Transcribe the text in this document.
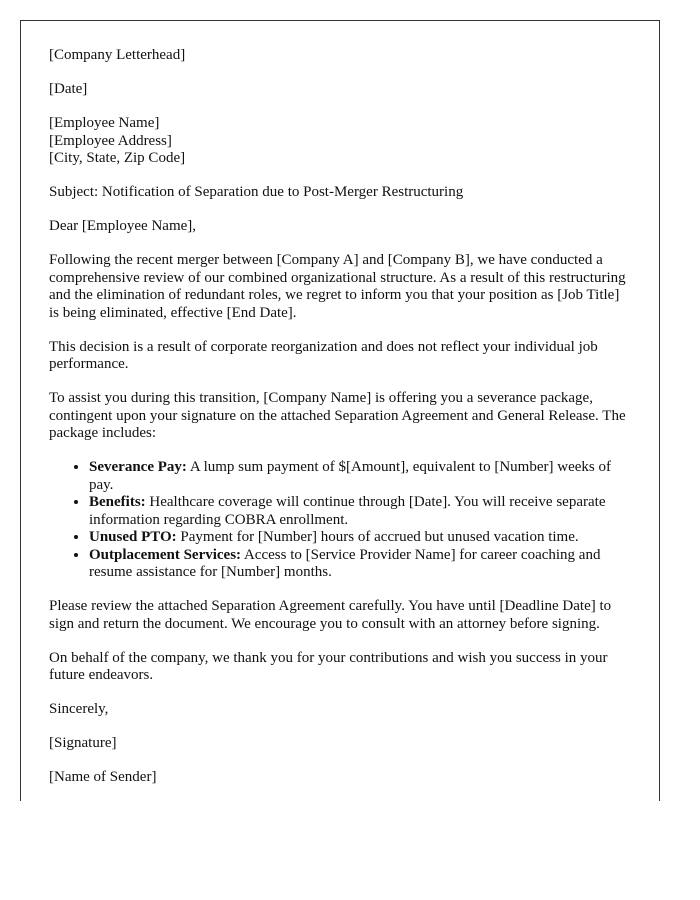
[Company Letterhead]

[Date]

[Employee Name]
[Employee Address]
[City, State, Zip Code]

Subject: Notification of Separation due to Post-Merger Restructuring

Dear [Employee Name],

Following the recent merger between [Company A] and [Company B], we have conducted a comprehensive review of our combined organizational structure. As a result of this restructuring and the elimination of redundant roles, we regret to inform you that your position as [Job Title] is being eliminated, effective [End Date].

This decision is a result of corporate reorganization and does not reflect your individual job performance.

To assist you during this transition, [Company Name] is offering you a severance package, contingent upon your signature on the attached Separation Agreement and General Release. The package includes:

• Severance Pay: A lump sum payment of $[Amount], equivalent to [Number] weeks of pay.
• Benefits: Healthcare coverage will continue through [Date]. You will receive separate information regarding COBRA enrollment.
• Unused PTO: Payment for [Number] hours of accrued but unused vacation time.
• Outplacement Services: Access to [Service Provider Name] for career coaching and resume assistance for [Number] months.

Please review the attached Separation Agreement carefully. You have until [Deadline Date] to sign and return the document. We encourage you to consult with an attorney before signing.

On behalf of the company, we thank you for your contributions and wish you success in your future endeavors.

Sincerely,

[Signature]

[Name of Sender]
